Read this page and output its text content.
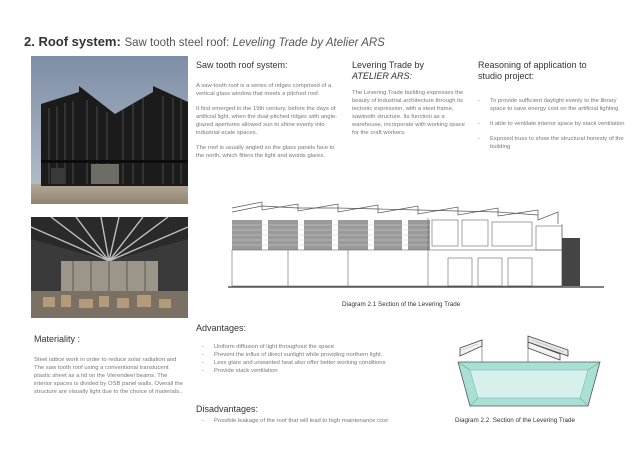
2. Roof system: Saw tooth steel roof: Leveling Trade by Atelier ARS
Saw tooth roof system:

A saw-tooth roof is a series of ridges comprised of a vertical glass window that meets a pitched roof.

It first emerged in the 19th century, before the days of artificial light, when the dual-pitched ridges with angle-glazed apertures allowed sun to shine evenly into industrial-scale spaces.

The roof is usually angled so the glass panels face to the north, which filters the light and avoids glares.

Levering Trade by
ATELIER ARS:

The Levering Trade building expresses the beauty of industrial architecture through its tectonic expression, with a steel frame, sawtooth structure. Its function as a warehouse, incorporate with working space for the craft workers.

Reasoning of application to
studio project:
- To provide sufficient daylight evenly to the library space to save energy cost on the artificial lighting
- It able to ventilate interior space by stack ventilation
- Exposed truss to show the structural honesty of the building
Diagram 2.1 Section of the Levering Trade
Materiality :

Steel lattice work in order to reduce solar radiation and The saw tooth roof using a conventional translucent plastic sheet as a lid on the Vierendeel beams. The interior spaces is divided by OSB panel walls. Overall the structure are visually light due to the choice of materials..

Advantages:
- Uniform diffusion of light throughout the space
- Prevent the influx of direct sunlight while providing northern light.
- Less glare and unwanted heat also offer better working conditions
- Provide stack ventilation
Disadvantages:
- Possible leakage of the roof that will lead to high maintenance cost	Diagram 2.2. Section of the Levering Trade
